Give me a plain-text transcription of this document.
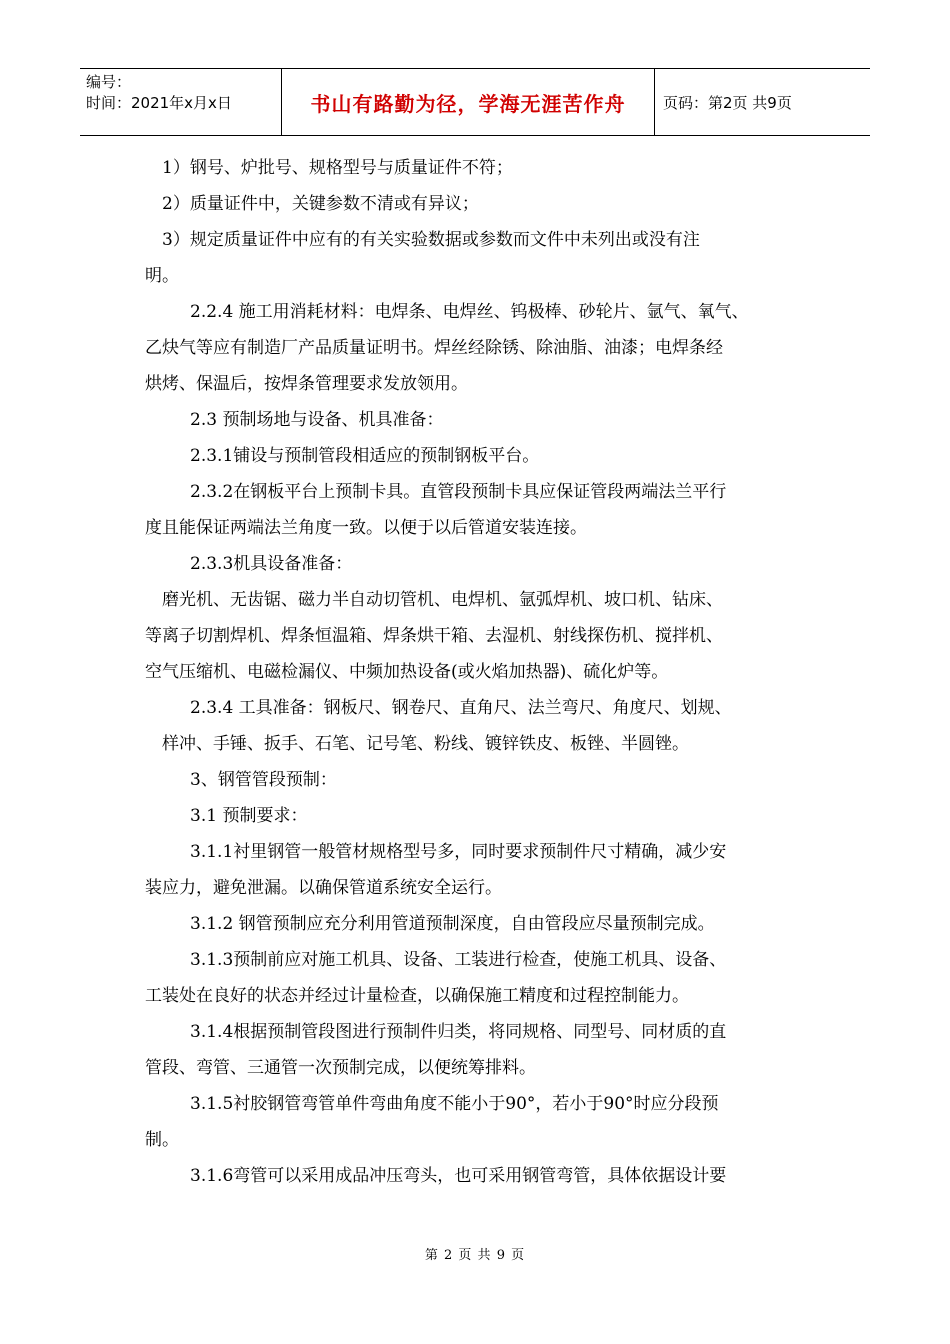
编号：
时间：2021年x月x日	书山有路勤为径，学海无涯苦作舟	页码：第2页 共9页

1）钢号、炉批号、规格型号与质量证件不符；

2）质量证件中，关键参数不清或有异议；

3）规定质量证件中应有的有关实验数据或参数而文件中未列出或没有注

明。

2.2.4 施工用消耗材料：电焊条、电焊丝、钨极棒、砂轮片、氩气、氧气、

乙炔气等应有制造厂产品质量证明书。焊丝经除锈、除油脂、油漆；电焊条经

烘烤、保温后，按焊条管理要求发放领用。

2.3 预制场地与设备、机具准备：

2.3.1铺设与预制管段相适应的预制钢板平台。

2.3.2在钢板平台上预制卡具。直管段预制卡具应保证管段两端法兰平行

度且能保证两端法兰角度一致。以便于以后管道安装连接。

2.3.3机具设备准备：

磨光机、无齿锯、磁力半自动切管机、电焊机、氩弧焊机、坡口机、钻床、

等离子切割焊机、焊条恒温箱、焊条烘干箱、去湿机、射线探伤机、搅拌机、

空气压缩机、电磁检漏仪、中频加热设备(或火焰加热器)、硫化炉等。

2.3.4 工具准备：钢板尺、钢卷尺、直角尺、法兰弯尺、角度尺、划规、

样冲、手锤、扳手、石笔、记号笔、粉线、镀锌铁皮、板锉、半圆锉。

3、钢管管段预制：

3.1 预制要求：

3.1.1衬里钢管一般管材规格型号多，同时要求预制件尺寸精确，减少安

装应力，避免泄漏。以确保管道系统安全运行。

3.1.2 钢管预制应充分利用管道预制深度，自由管段应尽量预制完成。

3.1.3预制前应对施工机具、设备、工装进行检查，使施工机具、设备、

工装处在良好的状态并经过计量检查，以确保施工精度和过程控制能力。

3.1.4根据预制管段图进行预制件归类，将同规格、同型号、同材质的直

管段、弯管、三通管一次预制完成，以便统筹排料。

3.1.5衬胶钢管弯管单件弯曲角度不能小于90°，若小于90°时应分段预

制。

3.1.6弯管可以采用成品冲压弯头，也可采用钢管弯管，具体依据设计要

第 2 页 共 9 页
